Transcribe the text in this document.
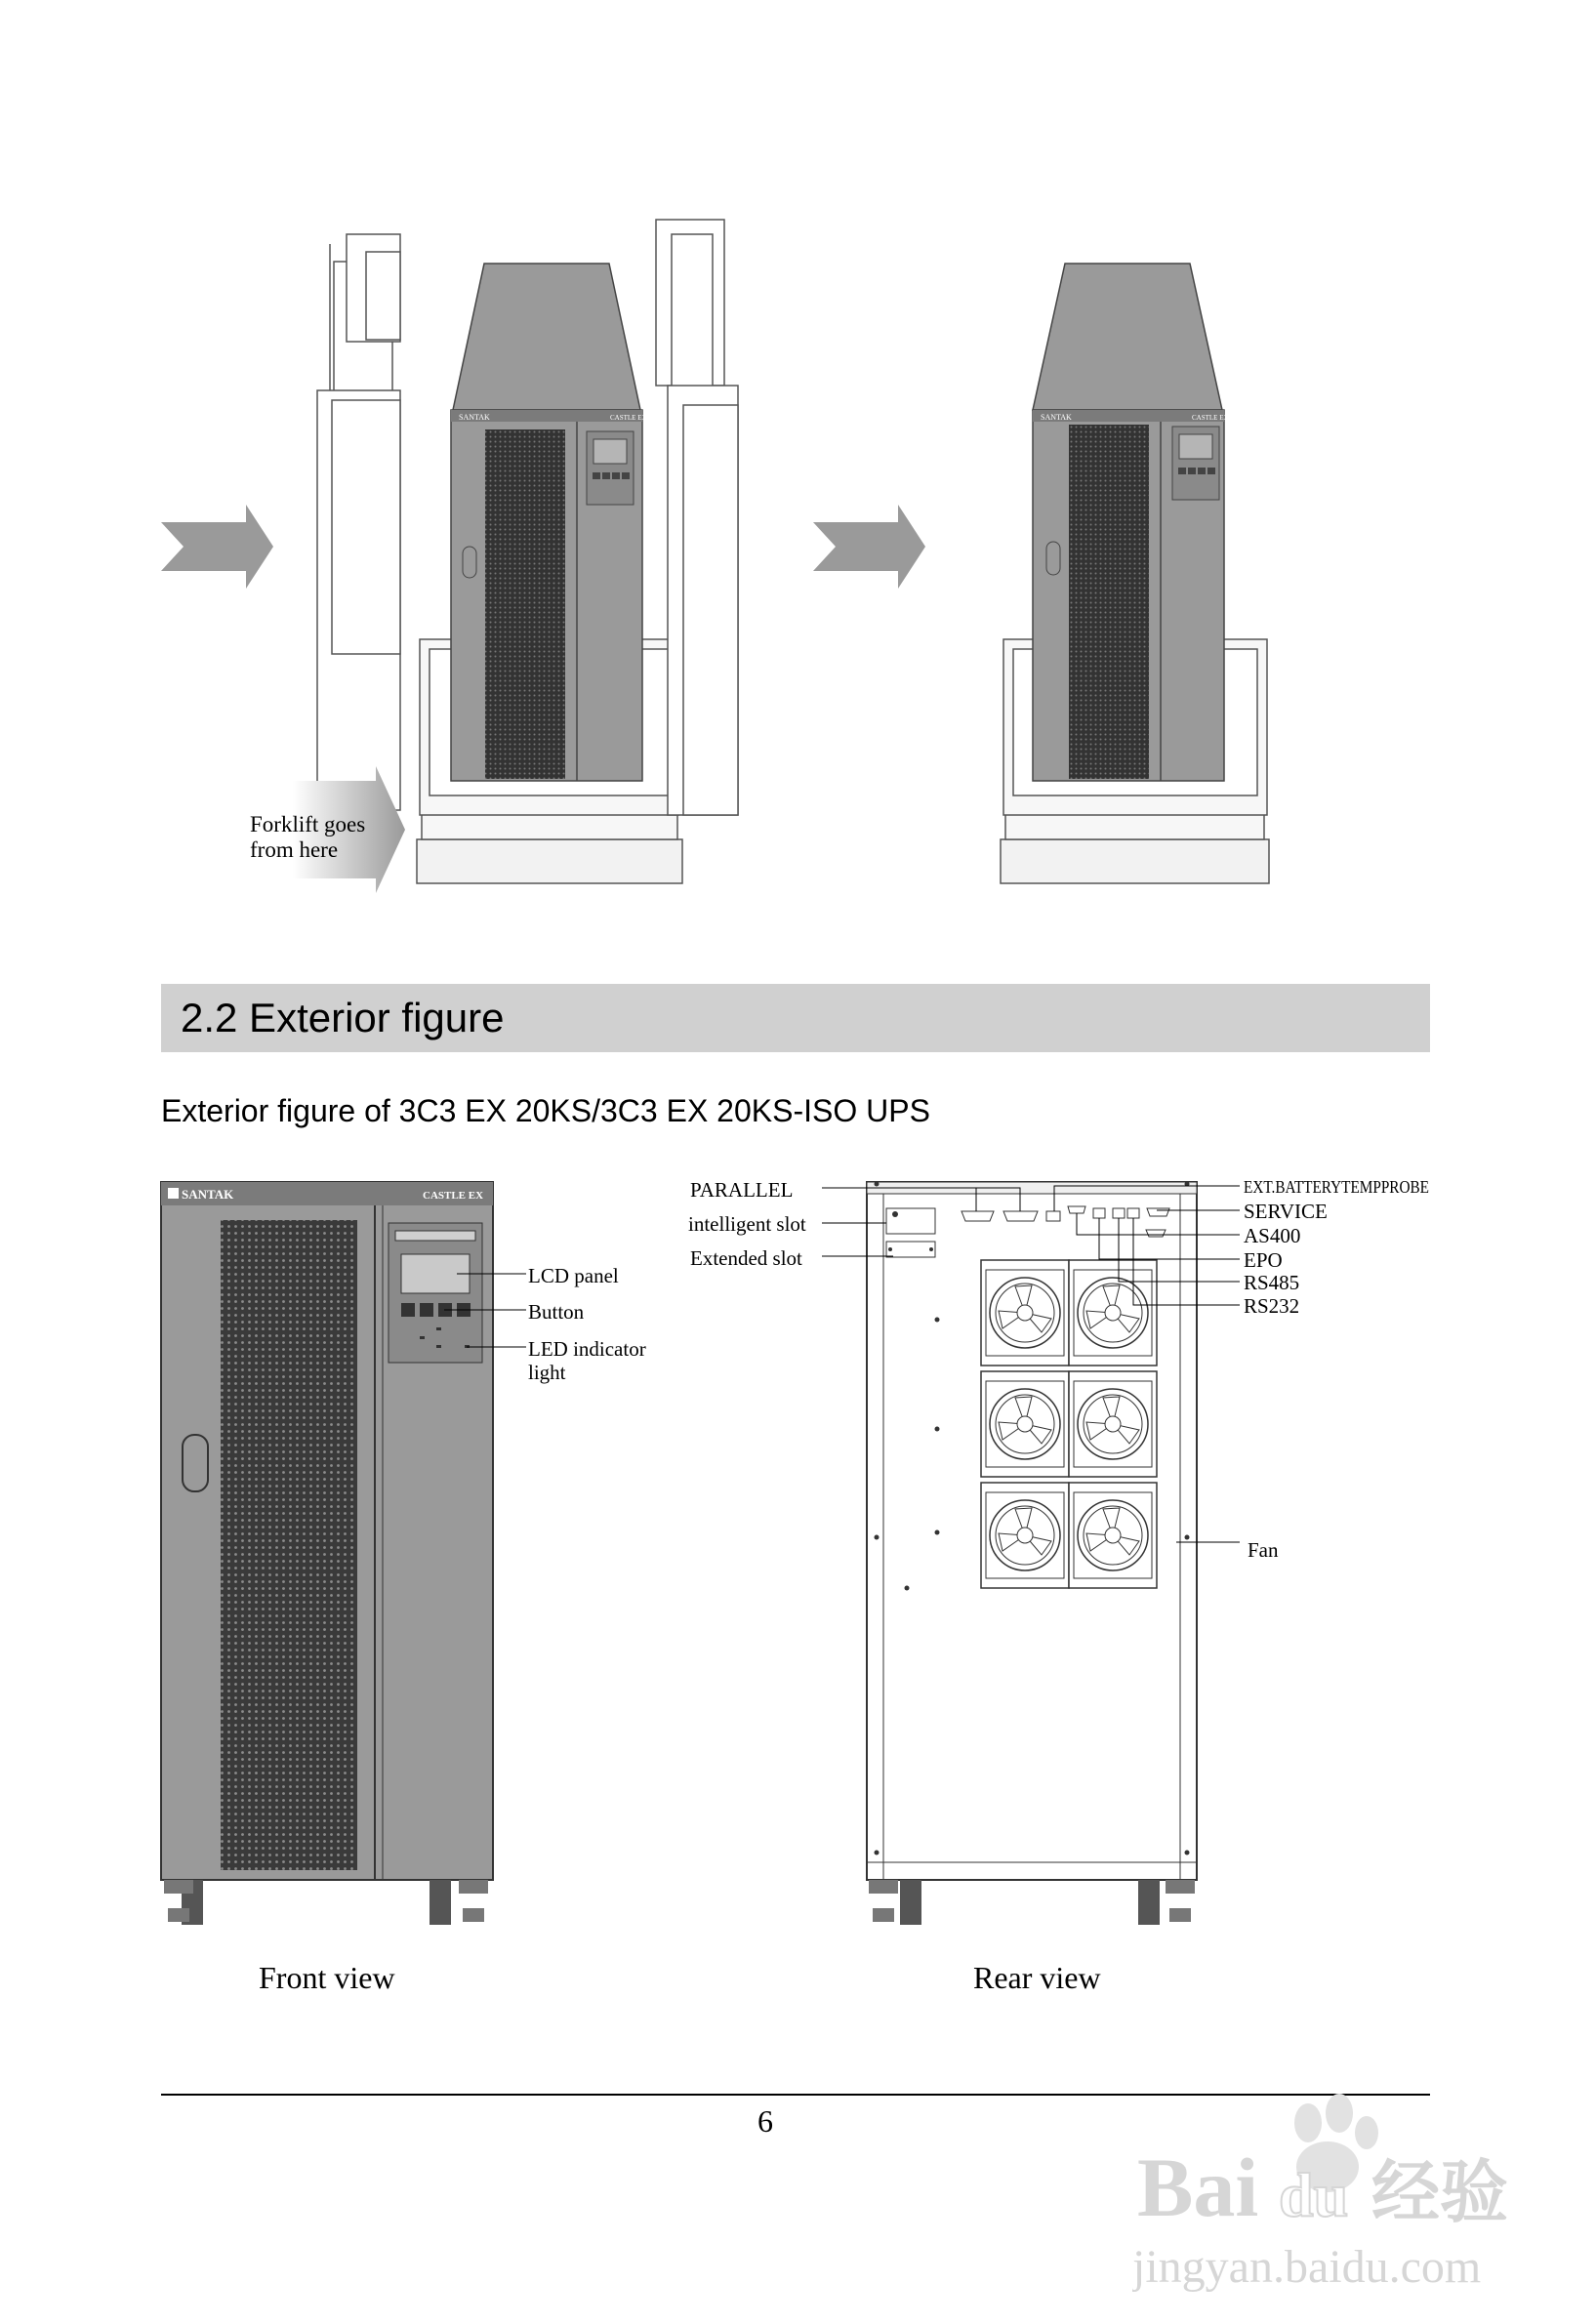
SANTAK	CASTLE EX
Forklift goes
from here
SANTAK	CASTLE EX
2.2 Exterior figure
Exterior figure of 3C3 EX 20KS/3C3 EX 20KS-ISO UPS
SANTAK	CASTLE EX
LCD panel
Button
LED indicator
light
PARALLEL
intelligent slot
Extended slot
EXT.BATTERYTEMPPROBE
SERVICE
AS400
EPO
RS485
RS232
Fan
Front view	Rear view
6
Bai du 经验
jingyan.baidu.com
